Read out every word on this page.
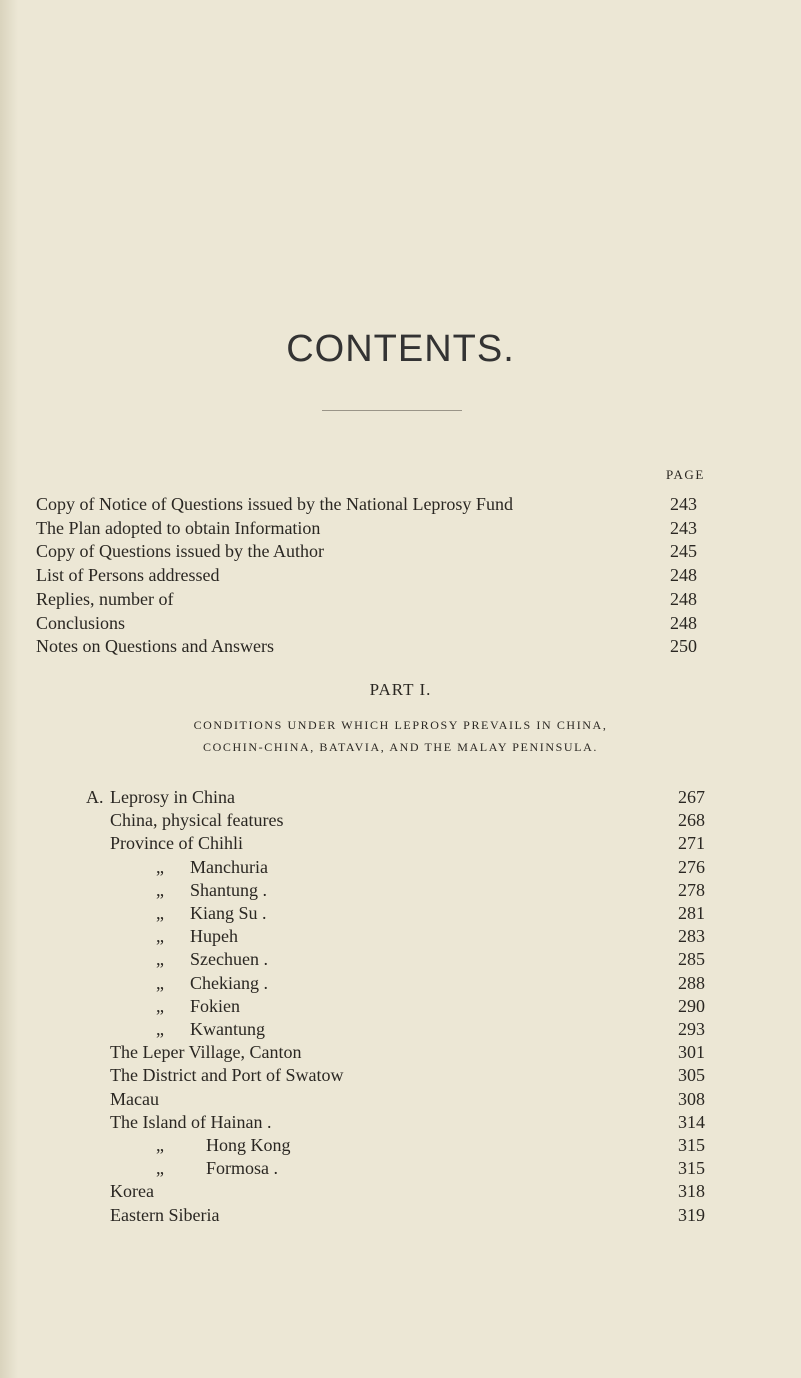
CONTENTS.
PAGE
Copy of Notice of Questions issued by the National Leprosy Fund	243
The Plan adopted to obtain Information	243
Copy of Questions issued by the Author	245
List of Persons addressed	248
Replies, number of	248
Conclusions	248
Notes on Questions and Answers	250
PART I.
CONDITIONS UNDER WHICH LEPROSY PREVAILS IN CHINA,
COCHIN-CHINA, BATAVIA, AND THE MALAY PENINSULA.
A. Leprosy in China	267
China, physical features	268
Province of Chihli	271
„ Manchuria	276
„ Shantung .	278
„ Kiang Su .	281
„ Hupeh	283
„ Szechuen .	285
„ Chekiang .	288
„ Fokien	290
„ Kwantung	293
The Leper Village, Canton	301
The District and Port of Swatow	305
Macau	308
The Island of Hainan .	314
„ Hong Kong	315
„ Formosa .	315
Korea	318
Eastern Siberia	319
